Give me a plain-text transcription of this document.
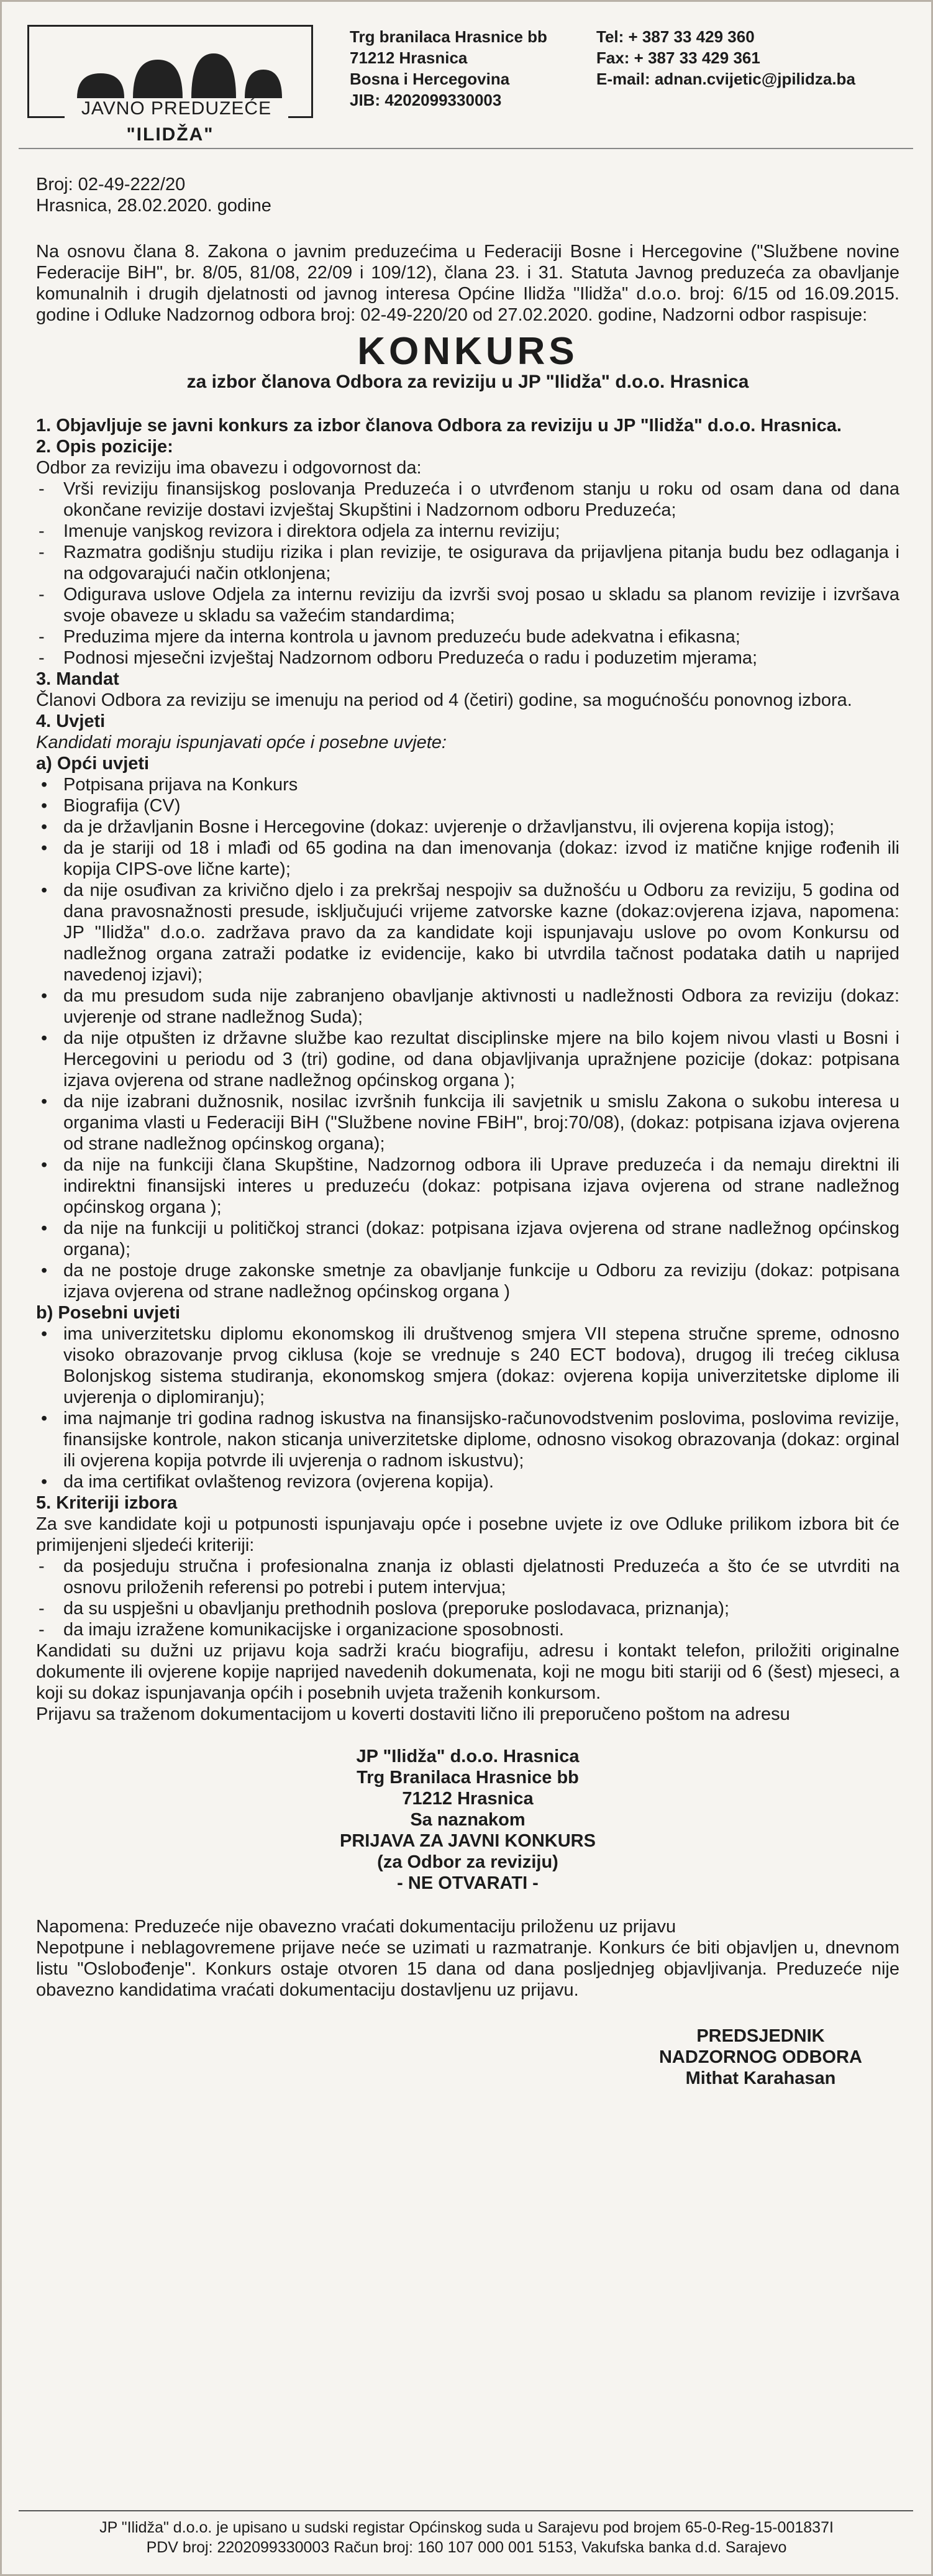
JAVNO PREDUZEĆE
"ILIDŽA"
Trg branilaca Hrasnice bb
71212 Hrasnica
Bosna i Hercegovina
JIB: 4202099330003
Tel: + 387 33 429 360
Fax: + 387 33 429 361
E-mail: adnan.cvijetic@jpilidza.ba

Broj: 02-49-222/20

Hrasnica, 28.02.2020. godine

Na osnovu člana 8. Zakona o javnim preduzećima u Federaciji Bosne i Hercegovine ("Službene novine Federacije BiH", br. 8/05, 81/08, 22/09 i 109/12), člana 23. i 31. Statuta Javnog preduzeća za obavljanje komunalnih i drugih djelatnosti od javnog interesa Općine Ilidža "Ilidža" d.o.o. broj: 6/15 od 16.09.2015. godine i Odluke Nadzornog odbora broj: 02-49-220/20 od 27.02.2020. godine, Nadzorni odbor raspisuje:

KONKURS
za izbor članova Odbora za reviziju u JP "Ilidža" d.o.o. Hrasnica

1. Objavljuje se javni konkurs za izbor članova Odbora za reviziju u JP "Ilidža" d.o.o. Hrasnica.

2. Opis pozicije:

Odbor za reviziju ima obavezu i odgovornost da:

- Vrši reviziju finansijskog poslovanja Preduzeća i o utvrđenom stanju u roku od osam dana od dana okončane revizije dostavi izvještaj Skupštini i Nadzornom odboru Preduzeća;
- Imenuje vanjskog revizora i direktora odjela za internu reviziju;
- Razmatra godišnju studiju rizika i plan revizije, te osigurava da prijavljena pitanja budu bez odlaganja i na odgovarajući način otklonjena;
- Odigurava uslove Odjela za internu reviziju da izvrši svoj posao u skladu sa planom revizije i izvršava svoje obaveze u skladu sa važećim standardima;
- Preduzima mjere da interna kontrola u javnom preduzeću bude adekvatna i efikasna;
- Podnosi mjesečni izvještaj Nadzornom odboru Preduzeća o radu i poduzetim mjerama;

3. Mandat

Članovi Odbora za reviziju se imenuju na period od 4 (četiri) godine, sa mogućnošću ponovnog izbora.

4. Uvjeti

Kandidati moraju ispunjavati opće i posebne uvjete:

a) Opći uvjeti

• Potpisana prijava na Konkurs
• Biografija (CV)
• da je državljanin Bosne i Hercegovine (dokaz: uvjerenje o državljanstvu, ili ovjerena kopija istog);
• da je stariji od 18 i mlađi od 65 godina na dan imenovanja (dokaz: izvod iz matične knjige rođenih ili kopija CIPS-ove lične karte);
• da nije osuđivan za krivično djelo i za prekršaj nespojiv sa dužnošću u Odboru za reviziju, 5 godina od dana pravosnažnosti presude, isključujući vrijeme zatvorske kazne (dokaz:ovjerena izjava, napomena: JP "Ilidža" d.o.o. zadržava pravo da za kandidate koji ispunjavaju uslove po ovom Konkursu od nadležnog organa zatraži podatke iz evidencije, kako bi utvrdila tačnost podataka datih u naprijed navedenoj izjavi);
• da mu presudom suda nije zabranjeno obavljanje aktivnosti u nadležnosti Odbora za reviziju (dokaz: uvjerenje od strane nadležnog Suda);
• da nije otpušten iz državne službe kao rezultat disciplinske mjere na bilo kojem nivou vlasti u Bosni i Hercegovini u periodu od 3 (tri) godine, od dana objavljivanja upražnjene pozicije (dokaz: potpisana izjava ovjerena od strane nadležnog općinskog organa );
• da nije izabrani dužnosnik, nosilac izvršnih funkcija ili savjetnik u smislu Zakona o sukobu interesa u organima vlasti u Federaciji BiH ("Službene novine FBiH", broj:70/08), (dokaz: potpisana izjava ovjerena od strane nadležnog općinskog organa);
• da nije na funkciji člana Skupštine, Nadzornog odbora ili Uprave preduzeća i da nemaju direktni ili indirektni finansijski interes u preduzeću (dokaz: potpisana izjava ovjerena od strane nadležnog općinskog organa );
• da nije na funkciji u političkoj stranci (dokaz: potpisana izjava ovjerena od strane nadležnog općinskog organa);
• da ne postoje druge zakonske smetnje za obavljanje funkcije u Odboru za reviziju (dokaz: potpisana izjava ovjerena od strane nadležnog općinskog organa )

b) Posebni uvjeti

• ima univerzitetsku diplomu ekonomskog ili društvenog smjera VII stepena stručne spreme, odnosno visoko obrazovanje prvog ciklusa (koje se vrednuje s 240 ECT bodova), drugog ili trećeg ciklusa Bolonjskog sistema studiranja, ekonomskog smjera (dokaz: ovjerena kopija univerzitetske diplome ili uvjerenja o diplomiranju);
• ima najmanje tri godina radnog iskustva na finansijsko-računovodstvenim poslovima, poslovima revizije, finansijske kontrole, nakon sticanja univerzitetske diplome, odnosno visokog obrazovanja (dokaz: orginal ili ovjerena kopija potvrde ili uvjerenja o radnom iskustvu);
• da ima certifikat ovlaštenog revizora (ovjerena kopija).

5. Kriteriji izbora

Za sve kandidate koji u potpunosti ispunjavaju opće i posebne uvjete iz ove Odluke prilikom izbora bit će primijenjeni sljedeći kriteriji:

- da posjeduju stručna i profesionalna znanja iz oblasti djelatnosti Preduzeća a što će se utvrditi na osnovu priloženih referensi po potrebi i putem intervjua;
- da su uspješni u obavljanju prethodnih poslova (preporuke poslodavaca, priznanja);
- da imaju izražene komunikacijske i organizacione sposobnosti.

Kandidati su dužni uz prijavu koja sadrži kraću biografiju, adresu i kontakt telefon, priložiti originalne dokumente ili ovjerene kopije naprijed navedenih dokumenata, koji ne mogu biti stariji od 6 (šest) mjeseci, a koji su dokaz ispunjavanja općih i posebnih uvjeta traženih konkursom.

Prijavu sa traženom dokumentacijom u koverti dostaviti lično ili preporučeno poštom na adresu

JP "Ilidža" d.o.o. Hrasnica
Trg Branilaca Hrasnice bb
71212 Hrasnica
Sa naznakom
PRIJAVA ZA JAVNI KONKURS
(za Odbor za reviziju)
- NE OTVARATI -

Napomena: Preduzeće nije obavezno vraćati dokumentaciju priloženu uz prijavu
Nepotpune i neblagovremene prijave neće se uzimati u razmatranje. Konkurs će biti objavljen u, dnevnom listu "Oslobođenje". Konkurs ostaje otvoren 15 dana od dana posljednjeg objavljivanja. Preduzeće nije obavezno kandidatima vraćati dokumentaciju dostavljenu uz prijavu.

PREDSJEDNIK
NADZORNOG ODBORA
Mithat Karahasan
JP "Ilidža" d.o.o. je upisano u sudski registar Općinskog suda u Sarajevu pod brojem 65-0-Reg-15-001837I
PDV broj: 2202099330003 Račun broj: 160 107 000 001 5153, Vakufska banka d.d. Sarajevo
